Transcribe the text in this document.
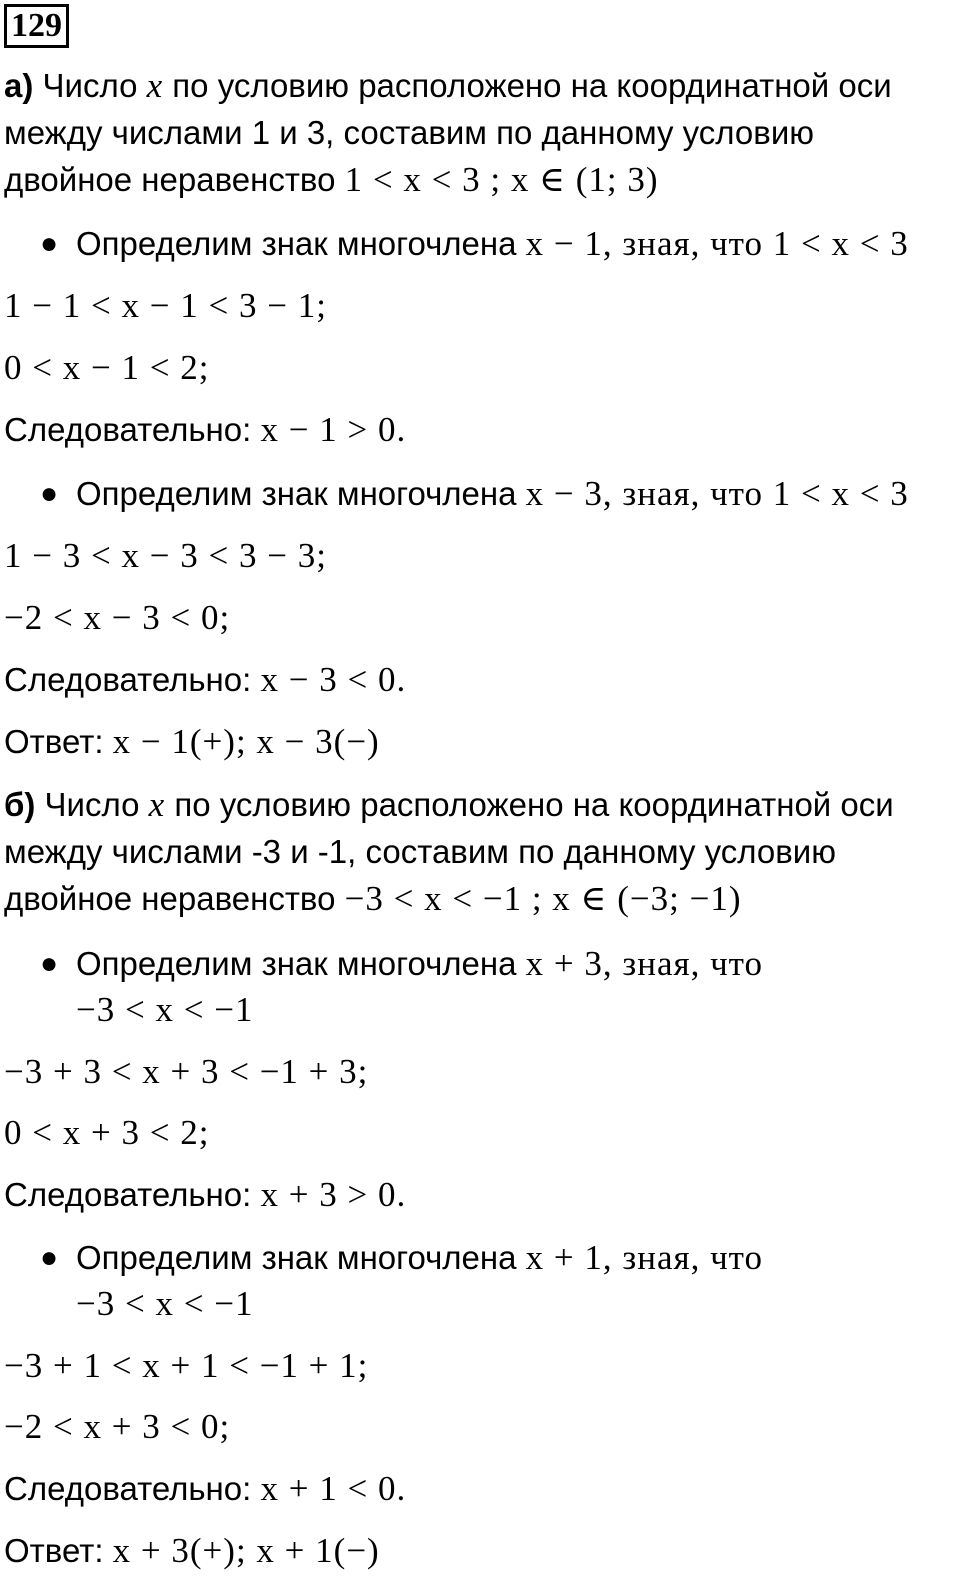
129
а) Число x по условию расположено на координатной оси
между числами 1 и 3, составим по данному условию
двойное неравенство 1 < x < 3 ; x ∈ (1; 3)
● Определим знак многочлена x − 1, зная, что 1 < x < 3
1 − 1 < x − 1 < 3 − 1;
0 < x − 1 < 2;
Следовательно: x − 1 > 0.
● Определим знак многочлена x − 3, зная, что 1 < x < 3
1 − 3 < x − 3 < 3 − 3;
−2 < x − 3 < 0;
Следовательно: x − 3 < 0.
Ответ: x − 1(+); x − 3(−)
б) Число x по условию расположено на координатной оси
между числами -3 и -1, составим по данному условию
двойное неравенство −3 < x < −1 ; x ∈ (−3; −1)
● Определим знак многочлена x + 3, зная, что
−3 < x < −1
−3 + 3 < x + 3 < −1 + 3;
0 < x + 3 < 2;
Следовательно: x + 3 > 0.
● Определим знак многочлена x + 1, зная, что
−3 < x < −1
−3 + 1 < x + 1 < −1 + 1;
−2 < x + 3 < 0;
Следовательно: x + 1 < 0.
Ответ: x + 3(+); x + 1(−)
